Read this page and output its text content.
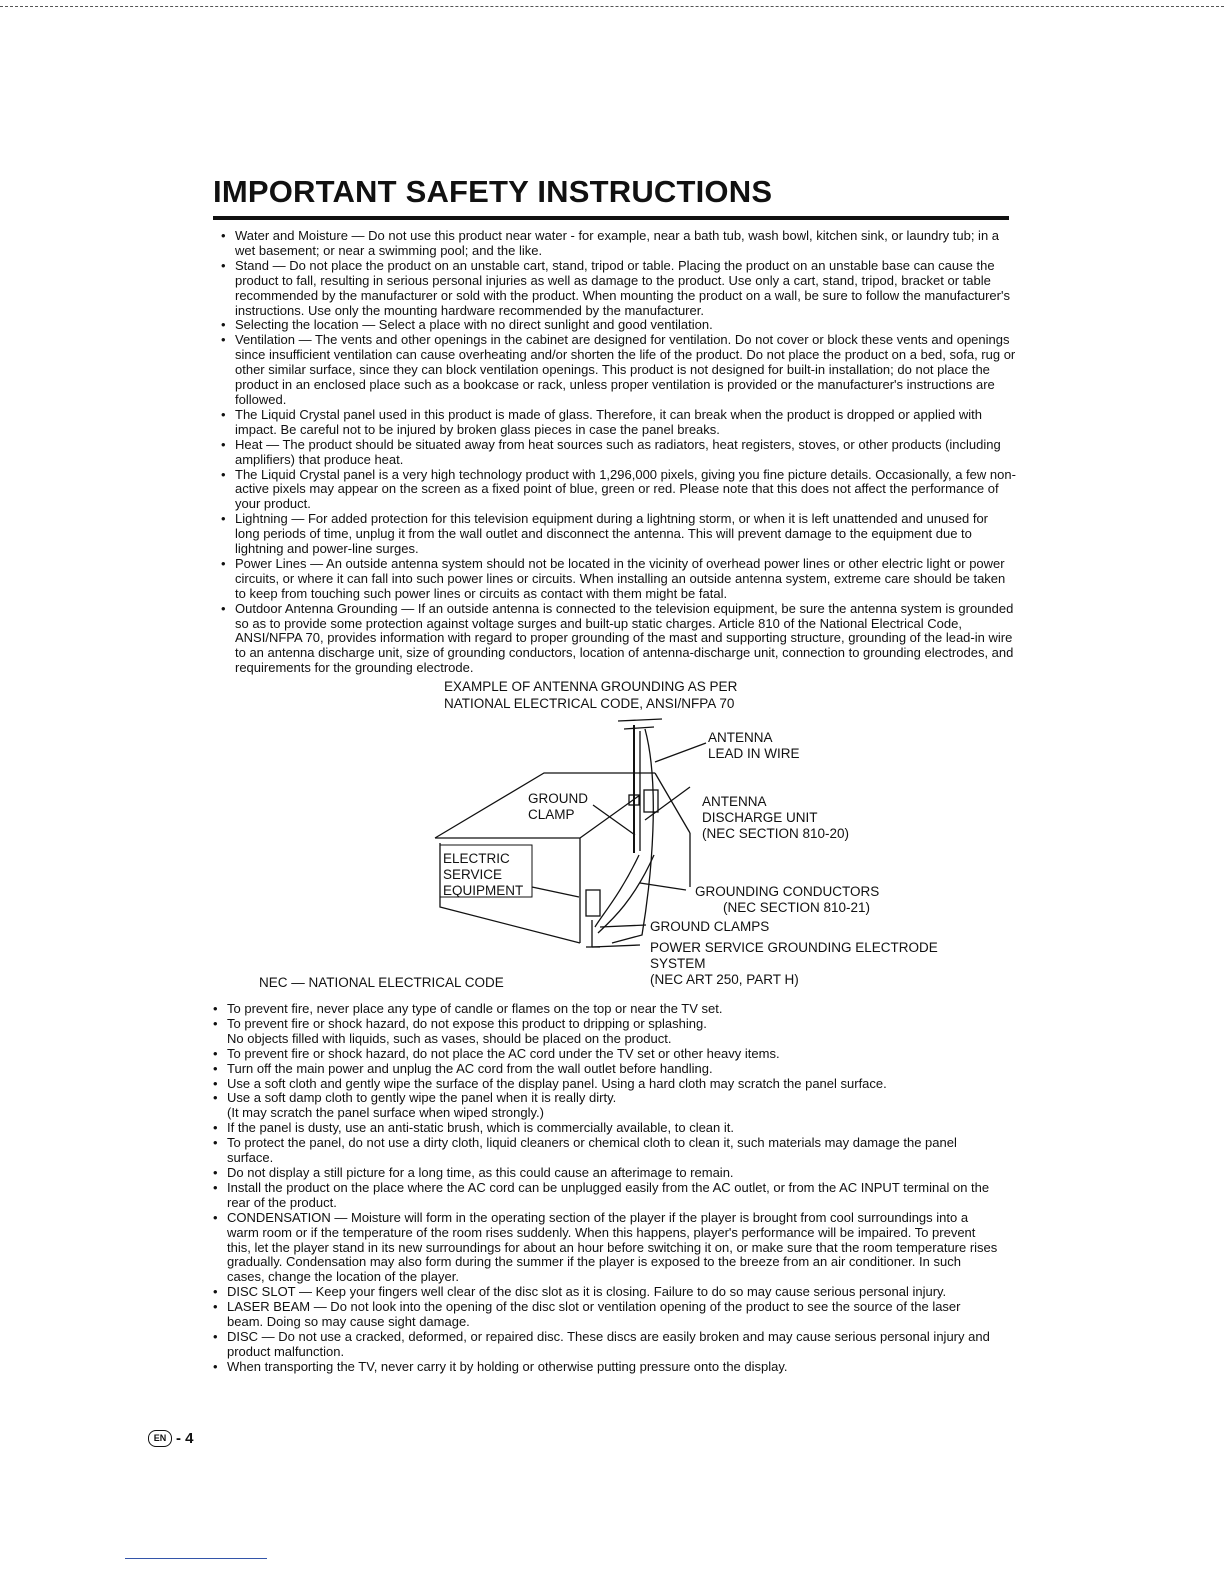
IMPORTANT SAFETY INSTRUCTIONS
• Water and Moisture — Do not use this product near water - for example, near a bath tub, wash bowl, kitchen sink, or laundry tub; in a wet basement; or near a swimming pool; and the like.
• Stand — Do not place the product on an unstable cart, stand, tripod or table. Placing the product on an unstable base can cause the product to fall, resulting in serious personal injuries as well as damage to the product. Use only a cart, stand, tripod, bracket or table recommended by the manufacturer or sold with the product. When mounting the product on a wall, be sure to follow the manufacturer's instructions. Use only the mounting hardware recommended by the manufacturer.
• Selecting the location — Select a place with no direct sunlight and good ventilation.
• Ventilation — The vents and other openings in the cabinet are designed for ventilation. Do not cover or block these vents and openings since insufficient ventilation can cause overheating and/or shorten the life of the product. Do not place the product on a bed, sofa, rug or other similar surface, since they can block ventilation openings. This product is not designed for built-in installation; do not place the product in an enclosed place such as a bookcase or rack, unless proper ventilation is provided or the manufacturer's instructions are followed.
• The Liquid Crystal panel used in this product is made of glass. Therefore, it can break when the product is dropped or applied with impact. Be careful not to be injured by broken glass pieces in case the panel breaks.
• Heat — The product should be situated away from heat sources such as radiators, heat registers, stoves, or other products (including amplifiers) that produce heat.
• The Liquid Crystal panel is a very high technology product with 1,296,000 pixels, giving you fine picture details. Occasionally, a few non-active pixels may appear on the screen as a fixed point of blue, green or red. Please note that this does not affect the performance of your product.
• Lightning — For added protection for this television equipment during a lightning storm, or when it is left unattended and unused for long periods of time, unplug it from the wall outlet and disconnect the antenna. This will prevent damage to the equipment due to lightning and power-line surges.
• Power Lines — An outside antenna system should not be located in the vicinity of overhead power lines or other electric light or power circuits, or where it can fall into such power lines or circuits. When installing an outside antenna system, extreme care should be taken to keep from touching such power lines or circuits as contact with them might be fatal.
• Outdoor Antenna Grounding — If an outside antenna is connected to the television equipment, be sure the antenna system is grounded so as to provide some protection against voltage surges and built-up static charges. Article 810 of the National Electrical Code, ANSI/NFPA 70, provides information with regard to proper grounding of the mast and supporting structure, grounding of the lead-in wire to an antenna discharge unit, size of grounding conductors, location of antenna-discharge unit, connection to grounding electrodes, and requirements for the grounding electrode.
EXAMPLE OF ANTENNA GROUNDING AS PER
NATIONAL ELECTRICAL CODE, ANSI/NFPA 70
ANTENNA
LEAD IN WIRE
GROUND
CLAMP
ANTENNA
DISCHARGE UNIT
(NEC SECTION 810-20)
ELECTRIC
SERVICE
EQUIPMENT	GROUNDING CONDUCTORS
(NEC SECTION 810-21)
GROUND CLAMPS
POWER SERVICE GROUNDING ELECTRODE
SYSTEM
(NEC ART 250, PART H)
NEC — NATIONAL ELECTRICAL CODE
• To prevent fire, never place any type of candle or flames on the top or near the TV set.
• To prevent fire or shock hazard, do not expose this product to dripping or splashing.
No objects filled with liquids, such as vases, should be placed on the product.
• To prevent fire or shock hazard, do not place the AC cord under the TV set or other heavy items.
• Turn off the main power and unplug the AC cord from the wall outlet before handling.
• Use a soft cloth and gently wipe the surface of the display panel. Using a hard cloth may scratch the panel surface.
• Use a soft damp cloth to gently wipe the panel when it is really dirty.
(It may scratch the panel surface when wiped strongly.)
• If the panel is dusty, use an anti-static brush, which is commercially available, to clean it.
• To protect the panel, do not use a dirty cloth, liquid cleaners or chemical cloth to clean it, such materials may damage the panel surface.
• Do not display a still picture for a long time, as this could cause an afterimage to remain.
• Install the product on the place where the AC cord can be unplugged easily from the AC outlet, or from the AC INPUT terminal on the rear of the product.
• CONDENSATION — Moisture will form in the operating section of the player if the player is brought from cool surroundings into a warm room or if the temperature of the room rises suddenly. When this happens, player's performance will be impaired. To prevent this, let the player stand in its new surroundings for about an hour before switching it on, or make sure that the room temperature rises gradually. Condensation may also form during the summer if the player is exposed to the breeze from an air conditioner. In such cases, change the location of the player.
• DISC SLOT — Keep your fingers well clear of the disc slot as it is closing. Failure to do so may cause serious personal injury.
• LASER BEAM — Do not look into the opening of the disc slot or ventilation opening of the product to see the source of the laser beam. Doing so may cause sight damage.
• DISC — Do not use a cracked, deformed, or repaired disc. These discs are easily broken and may cause serious personal injury and product malfunction.
• When transporting the TV, never carry it by holding or otherwise putting pressure onto the display.
EN - 4
